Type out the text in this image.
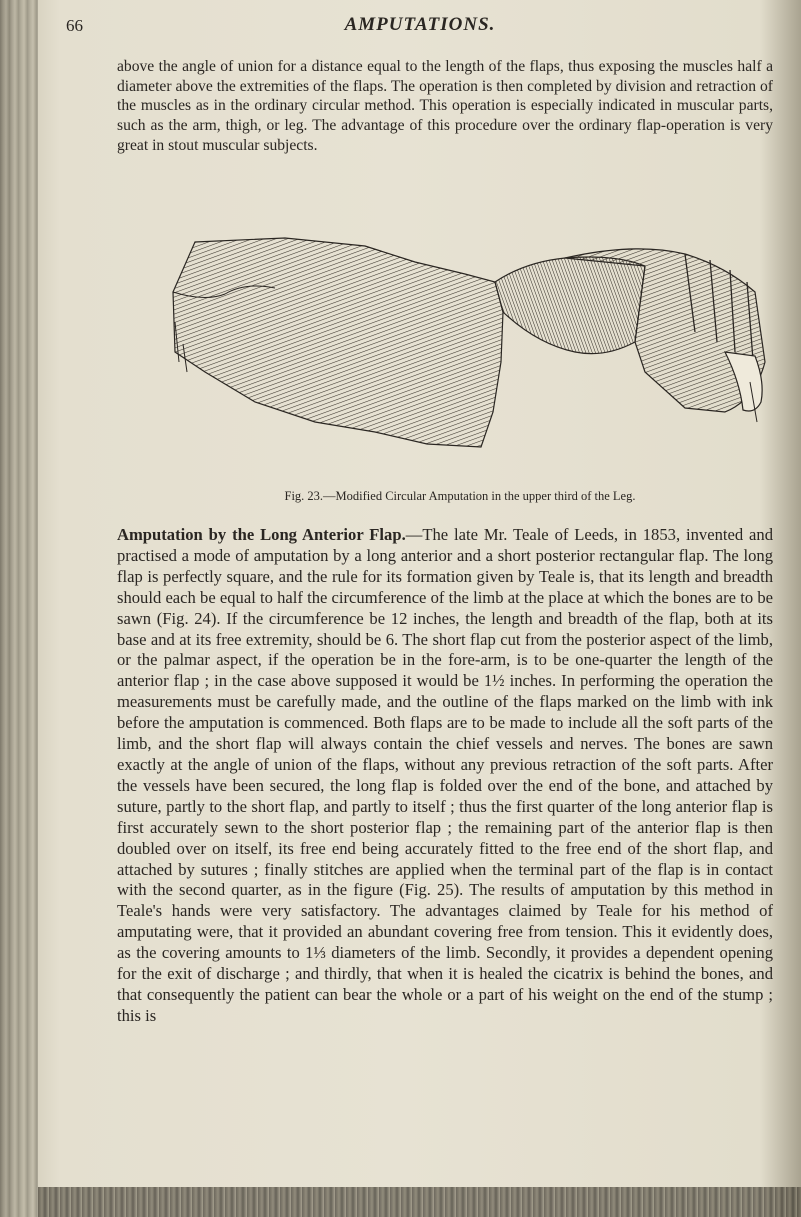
66	AMPUTATIONS.

above the angle of union for a distance equal to the length of the flaps, thus exposing the muscles half a diameter above the extremities of the flaps. The operation is then completed by division and retraction of the muscles as in the ordinary circular method. This operation is especially indicated in muscular parts, such as the arm, thigh, or leg. The advantage of this procedure over the ordinary flap-operation is very great in stout muscular subjects.

Fig. 23.—Modified Circular Amputation in the upper third of the Leg.

Amputation by the Long Anterior Flap.—The late Mr. Teale of Leeds, in 1853, invented and practised a mode of amputation by a long anterior and a short posterior rectangular flap. The long flap is perfectly square, and the rule for its formation given by Teale is, that its length and breadth should each be equal to half the circumference of the limb at the place at which the bones are to be sawn (Fig. 24). If the circumference be 12 inches, the length and breadth of the flap, both at its base and at its free extremity, should be 6. The short flap cut from the posterior aspect of the limb, or the palmar aspect, if the operation be in the fore-arm, is to be one-quarter the length of the anterior flap ; in the case above supposed it would be 1½ inches. In performing the operation the measurements must be carefully made, and the outline of the flaps marked on the limb with ink before the amputation is commenced. Both flaps are to be made to include all the soft parts of the limb, and the short flap will always contain the chief vessels and nerves. The bones are sawn exactly at the angle of union of the flaps, without any previous retraction of the soft parts. After the vessels have been secured, the long flap is folded over the end of the bone, and attached by suture, partly to the short flap, and partly to itself ; thus the first quarter of the long anterior flap is first accurately sewn to the short posterior flap ; the remaining part of the anterior flap is then doubled over on itself, its free end being accurately fitted to the free end of the short flap, and attached by sutures ; finally stitches are applied when the terminal part of the flap is in contact with the second quarter, as in the figure (Fig. 25). The results of amputation by this method in Teale's hands were very satisfactory. The advantages claimed by Teale for his method of amputating were, that it provided an abundant covering free from tension. This it evidently does, as the covering amounts to 1⅓ diameters of the limb. Secondly, it provides a dependent opening for the exit of discharge ; and thirdly, that when it is healed the cicatrix is behind the bones, and that consequently the patient can bear the whole or a part of his weight on the end of the stump ; this is
